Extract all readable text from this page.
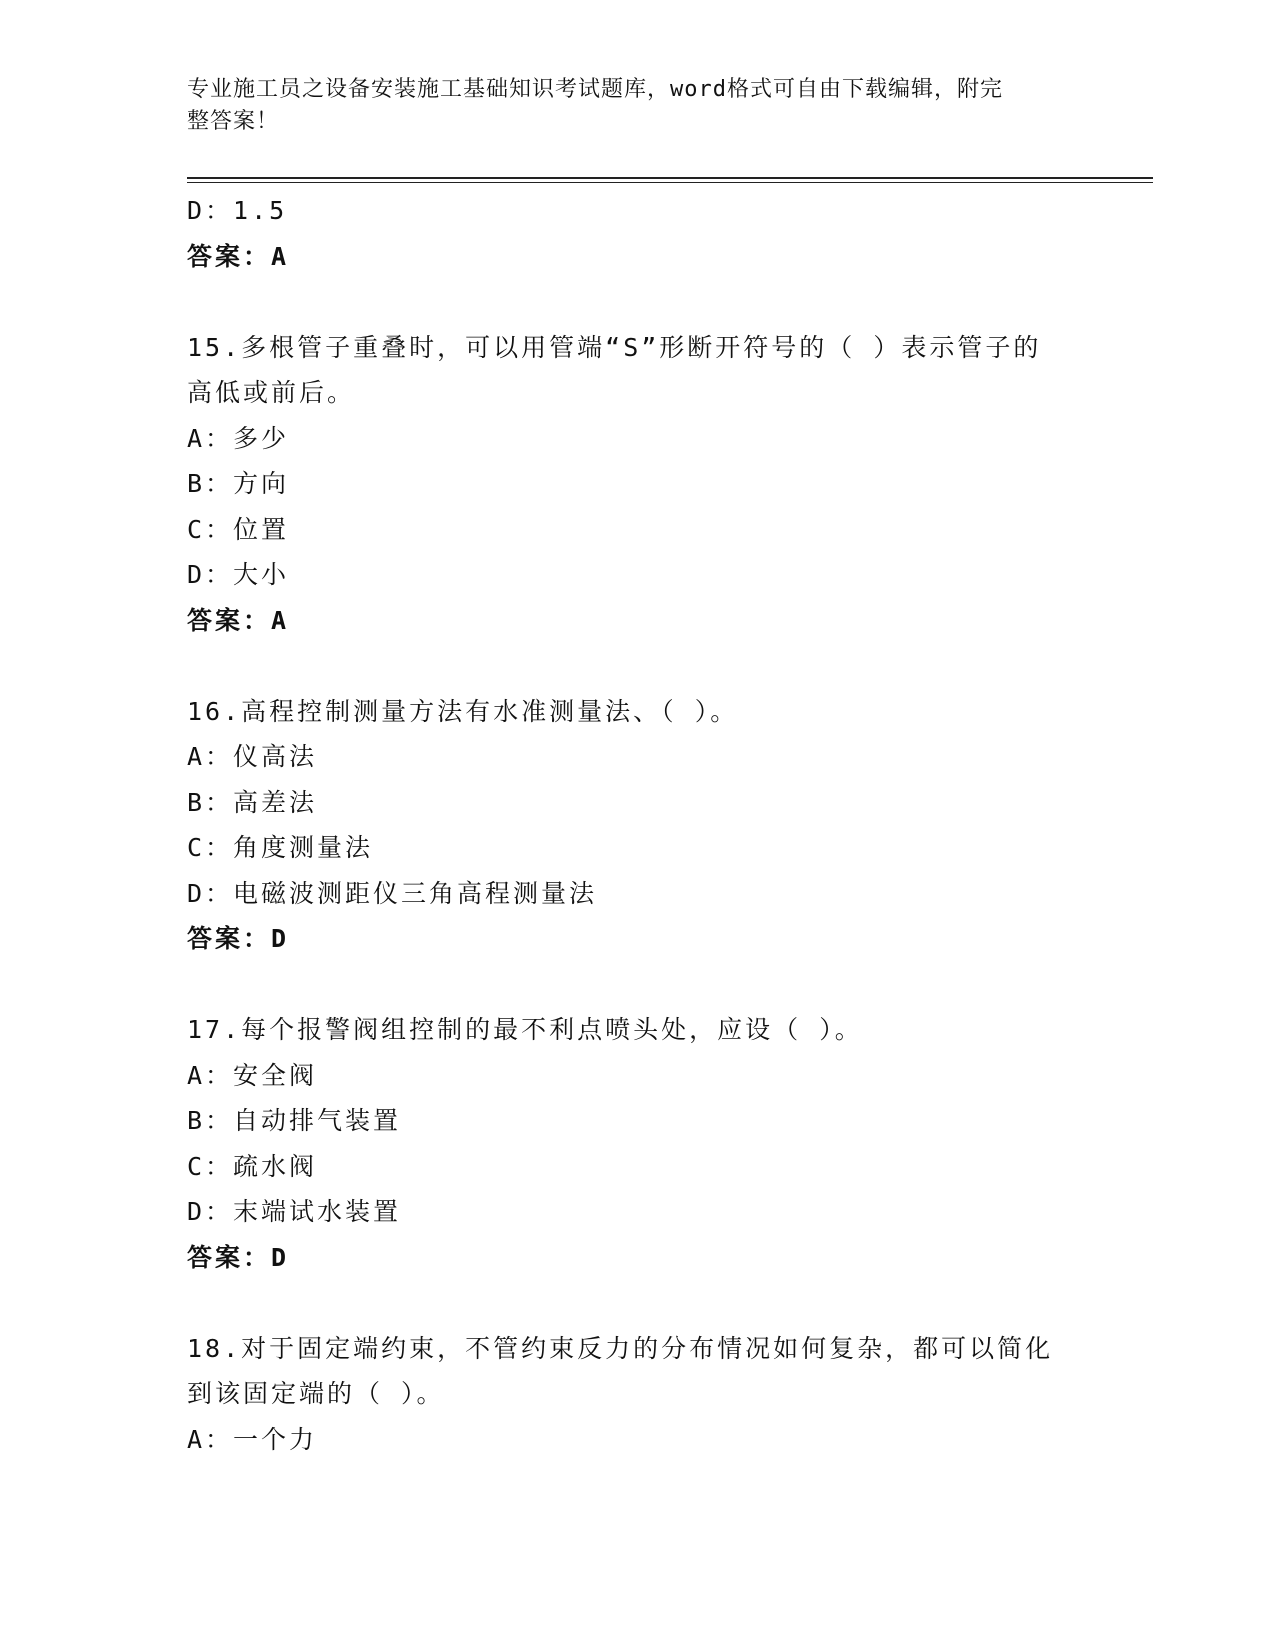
专业施工员之设备安装施工基础知识考试题库，word格式可自由下载编辑，附完
整答案！
D：1.5
答案：A
15.多根管子重叠时，可以用管端“S”形断开符号的（ ）表示管子的
高低或前后。
A：多少
B：方向
C：位置
D：大小
答案：A
16.高程控制测量方法有水准测量法、（ ）。
A：仪高法
B：高差法
C：角度测量法
D：电磁波测距仪三角高程测量法
答案：D
17.每个报警阀组控制的最不利点喷头处，应设（ ）。
A：安全阀
B：自动排气装置
C：疏水阀
D：末端试水装置
答案：D
18.对于固定端约束，不管约束反力的分布情况如何复杂，都可以简化
到该固定端的（ ）。
A：一个力
